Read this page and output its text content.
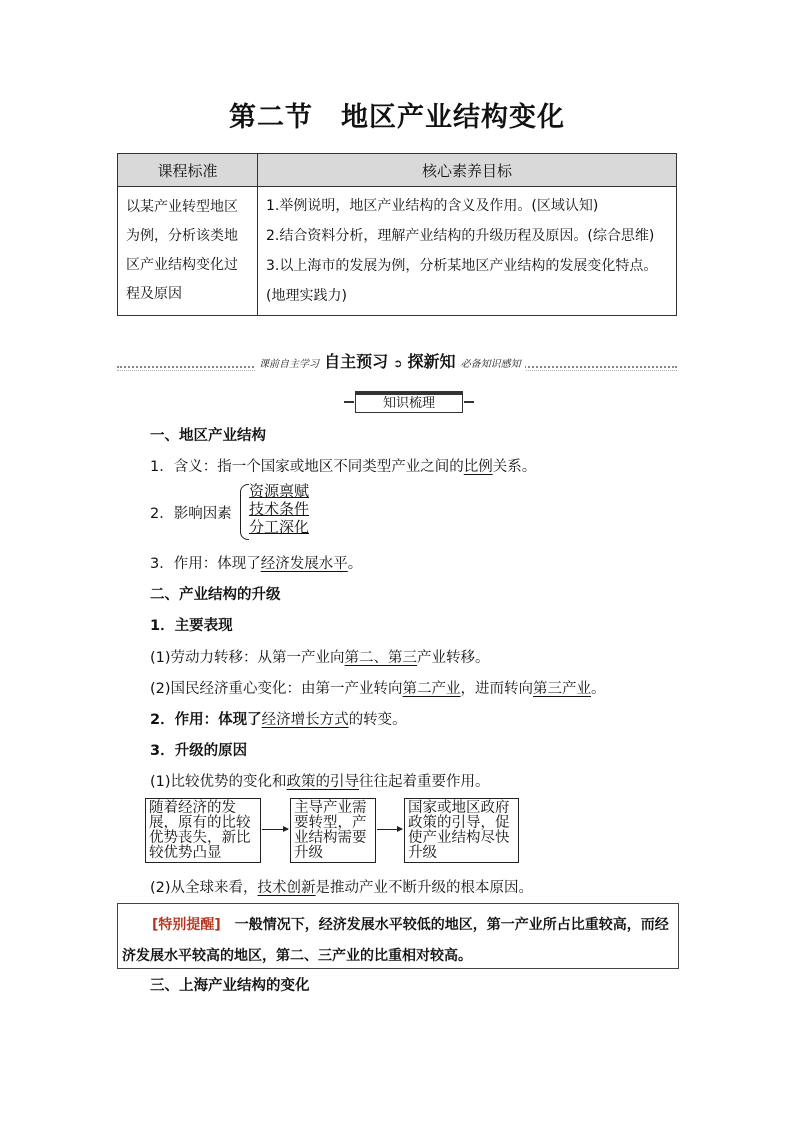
第二节　地区产业结构变化
课程标准	核心素养目标
以某产业转型地区为例，分析该类地区产业结构变化过程及原因	1.举例说明，地区产业结构的含义及作用。(区域认知)
2.结合资料分析，理解产业结构的升级历程及原因。(综合思维)
3.以上海市的发展为例，分析某地区产业结构的发展变化特点。(地理实践力)
课前自主学习 自主预习 ➲ 探新知 必备知识感知
知识梳理
一、地区产业结构
1．含义：指一个国家或地区不同类型产业之间的比例关系。
2．影响因素
资源禀赋
技术条件
分工深化
3．作用：体现了经济发展水平。
二、产业结构的升级
1．主要表现
(1)劳动力转移：从第一产业向第二、第三产业转移。
(2)国民经济重心变化：由第一产业转向第二产业，进而转向第三产业。
2．作用：体现了经济增长方式的转变。
3．升级的原因
(1)比较优势的变化和政策的引导往往起着重要作用。
随着经济的发展，原有的比较优势丧失，新比较优势凸显
主导产业需要转型，产业结构需要升级
国家或地区政府政策的引导，促使产业结构尽快升级
(2)从全球来看，技术创新是推动产业不断升级的根本原因。
[特别提醒]　一般情况下，经济发展水平较低的地区，第一产业所占比重较高，而经济发展水平较高的地区，第二、三产业的比重相对较高。
三、上海产业结构的变化
